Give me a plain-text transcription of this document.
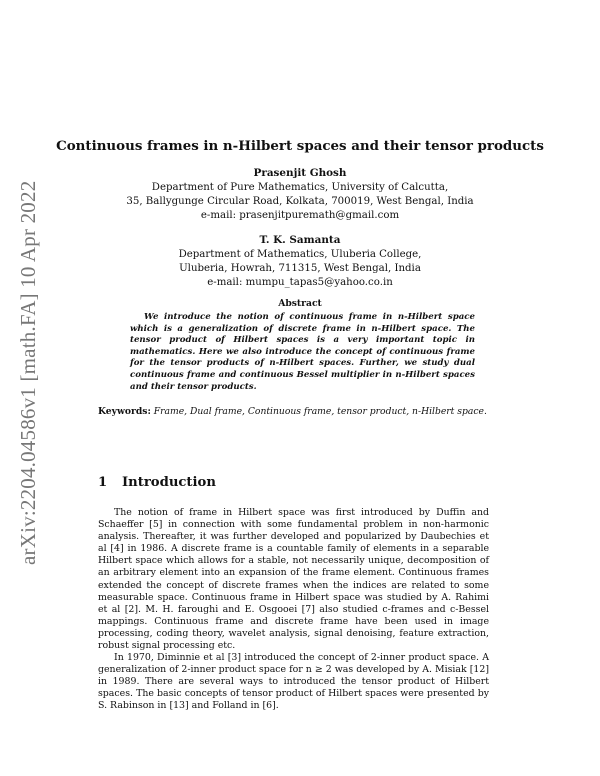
arXiv:2204.04586v1 [math.FA] 10 Apr 2022
Continuous frames in n-Hilbert spaces and their tensor products
Prasenjit Ghosh
Department of Pure Mathematics, University of Calcutta,
35, Ballygunge Circular Road, Kolkata, 700019, West Bengal, India
e-mail: prasenjitpuremath@gmail.com
T. K. Samanta
Department of Mathematics, Uluberia College,
Uluberia, Howrah, 711315, West Bengal, India
e-mail: mumpu_tapas5@yahoo.co.in
Abstract
We introduce the notion of continuous frame in n-Hilbert space which is a generalization of discrete frame in n-Hilbert space. The tensor product of Hilbert spaces is a very important topic in mathematics. Here we also introduce the concept of continuous frame for the tensor products of n-Hilbert spaces. Further, we study dual continuous frame and continuous Bessel multiplier in n-Hilbert spaces and their tensor products.
Keywords: Frame, Dual frame, Continuous frame, tensor product, n-Hilbert space.
1 Introduction

The notion of frame in Hilbert space was first introduced by Duffin and Schaeffer [5] in connection with some fundamental problem in non-harmonic analysis. Thereafter, it was further developed and popularized by Daubechies et al [4] in 1986. A discrete frame is a countable family of elements in a separable Hilbert space which allows for a stable, not necessarily unique, decomposition of an arbitrary element into an expansion of the frame element. Continuous frames extended the concept of discrete frames when the indices are related to some measurable space. Continuous frame in Hilbert space was studied by A. Rahimi et al [2]. M. H. faroughi and E. Osgooei [7] also studied c-frames and c-Bessel mappings. Continuous frame and discrete frame have been used in image processing, coding theory, wavelet analysis, signal denoising, feature extraction, robust signal processing etc.

In 1970, Diminnie et al [3] introduced the concept of 2-inner product space. A generalization of 2-inner product space for n ≥ 2 was developed by A. Misiak [12] in 1989. There are several ways to introduced the tensor product of Hilbert spaces. The basic concepts of tensor product of Hilbert spaces were presented by S. Rabinson in [13] and Folland in [6].
